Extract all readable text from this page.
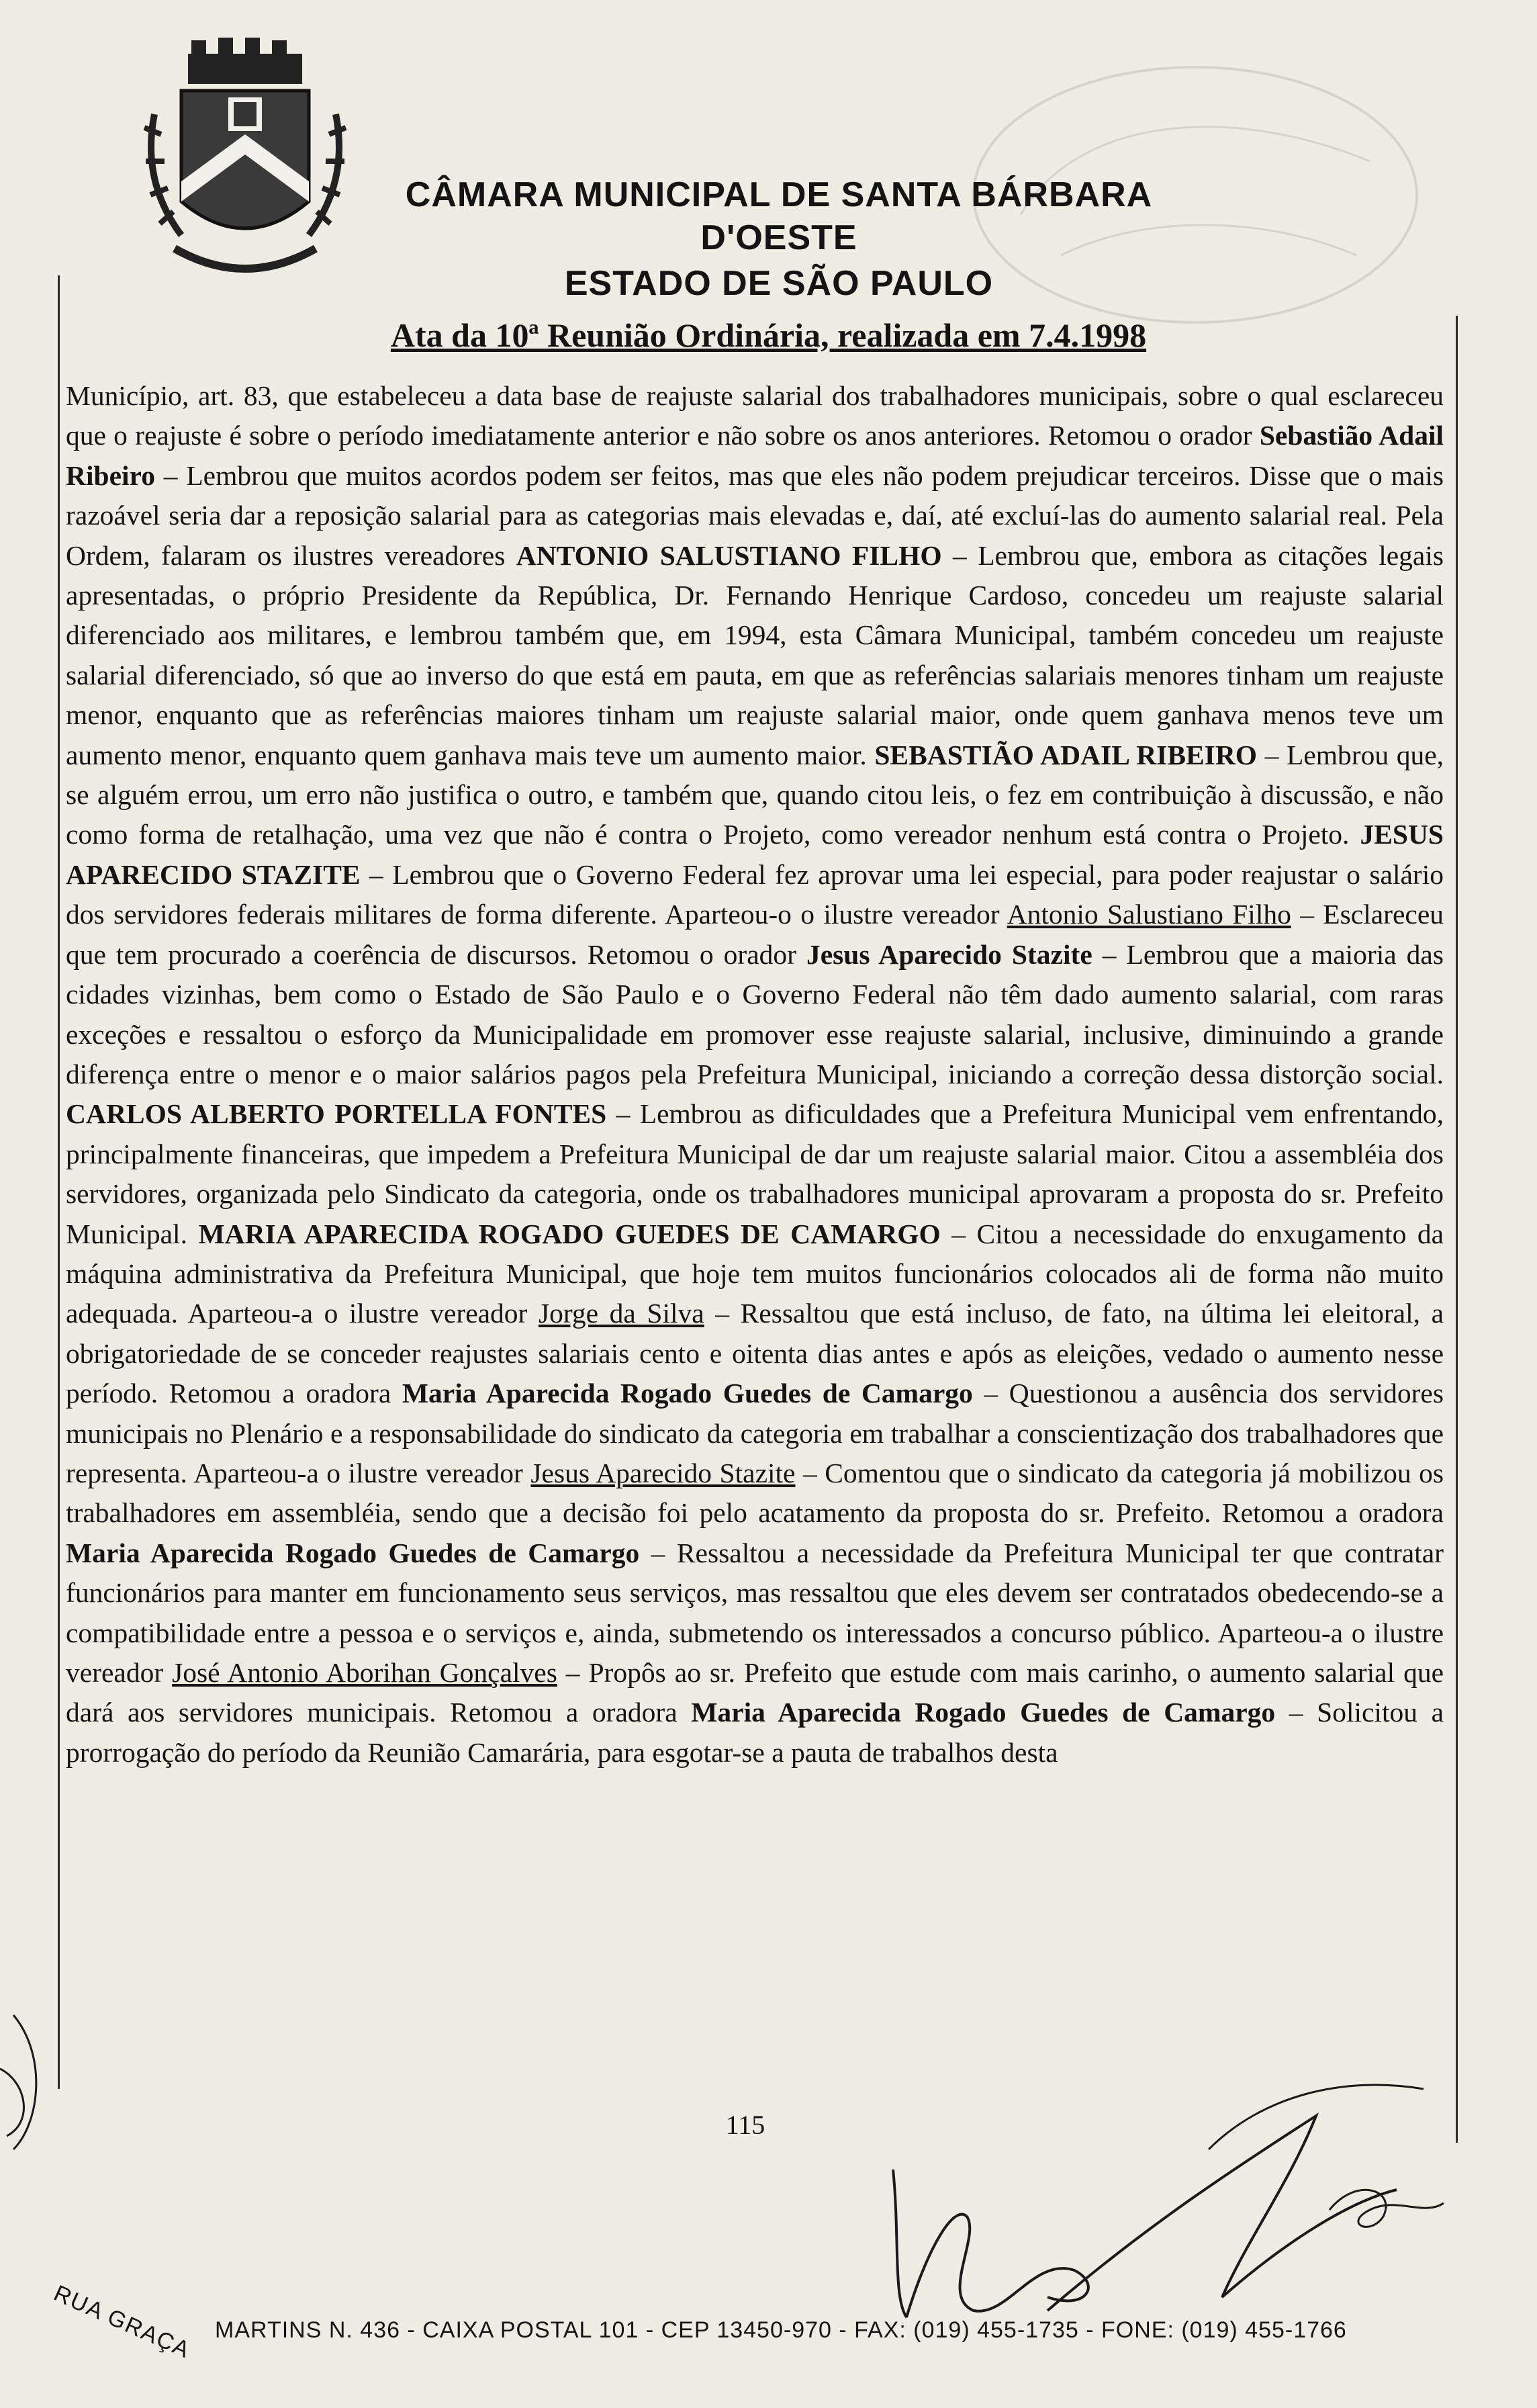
CÂMARA MUNICIPAL DE SANTA BÁRBARA D'OESTE
ESTADO DE SÃO PAULO
Ata da 10ª Reunião Ordinária, realizada em 7.4.1998

Município, art. 83, que estabeleceu a data base de reajuste salarial dos trabalhadores municipais, sobre o qual esclareceu que o reajuste é sobre o período imediatamente anterior e não sobre os anos anteriores. Retomou o orador Sebastião Adail Ribeiro – Lembrou que muitos acordos podem ser feitos, mas que eles não podem prejudicar terceiros. Disse que o mais razoável seria dar a reposição salarial para as categorias mais elevadas e, daí, até excluí-las do aumento salarial real. Pela Ordem, falaram os ilustres vereadores ANTONIO SALUSTIANO FILHO – Lembrou que, embora as citações legais apresentadas, o próprio Presidente da República, Dr. Fernando Henrique Cardoso, concedeu um reajuste salarial diferenciado aos militares, e lembrou também que, em 1994, esta Câmara Municipal, também concedeu um reajuste salarial diferenciado, só que ao inverso do que está em pauta, em que as referências salariais menores tinham um reajuste menor, enquanto que as referências maiores tinham um reajuste salarial maior, onde quem ganhava menos teve um aumento menor, enquanto quem ganhava mais teve um aumento maior. SEBASTIÃO ADAIL RIBEIRO – Lembrou que, se alguém errou, um erro não justifica o outro, e também que, quando citou leis, o fez em contribuição à discussão, e não como forma de retalhação, uma vez que não é contra o Projeto, como vereador nenhum está contra o Projeto. JESUS APARECIDO STAZITE – Lembrou que o Governo Federal fez aprovar uma lei especial, para poder reajustar o salário dos servidores federais militares de forma diferente. Aparteou-o o ilustre vereador Antonio Salustiano Filho – Esclareceu que tem procurado a coerência de discursos. Retomou o orador Jesus Aparecido Stazite – Lembrou que a maioria das cidades vizinhas, bem como o Estado de São Paulo e o Governo Federal não têm dado aumento salarial, com raras exceções e ressaltou o esforço da Municipalidade em promover esse reajuste salarial, inclusive, diminuindo a grande diferença entre o menor e o maior salários pagos pela Prefeitura Municipal, iniciando a correção dessa distorção social. CARLOS ALBERTO PORTELLA FONTES – Lembrou as dificuldades que a Prefeitura Municipal vem enfrentando, principalmente financeiras, que impedem a Prefeitura Municipal de dar um reajuste salarial maior. Citou a assembléia dos servidores, organizada pelo Sindicato da categoria, onde os trabalhadores municipal aprovaram a proposta do sr. Prefeito Municipal. MARIA APARECIDA ROGADO GUEDES DE CAMARGO – Citou a necessidade do enxugamento da máquina administrativa da Prefeitura Municipal, que hoje tem muitos funcionários colocados ali de forma não muito adequada. Aparteou-a o ilustre vereador Jorge da Silva – Ressaltou que está incluso, de fato, na última lei eleitoral, a obrigatoriedade de se conceder reajustes salariais cento e oitenta dias antes e após as eleições, vedado o aumento nesse período. Retomou a oradora Maria Aparecida Rogado Guedes de Camargo – Questionou a ausência dos servidores municipais no Plenário e a responsabilidade do sindicato da categoria em trabalhar a conscientização dos trabalhadores que representa. Aparteou-a o ilustre vereador Jesus Aparecido Stazite – Comentou que o sindicato da categoria já mobilizou os trabalhadores em assembléia, sendo que a decisão foi pelo acatamento da proposta do sr. Prefeito. Retomou a oradora Maria Aparecida Rogado Guedes de Camargo – Ressaltou a necessidade da Prefeitura Municipal ter que contratar funcionários para manter em funcionamento seus serviços, mas ressaltou que eles devem ser contratados obedecendo-se a compatibilidade entre a pessoa e o serviços e, ainda, submetendo os interessados a concurso público. Aparteou-a o ilustre vereador José Antonio Aborihan Gonçalves – Propôs ao sr. Prefeito que estude com mais carinho, o aumento salarial que dará aos servidores municipais. Retomou a oradora Maria Aparecida Rogado Guedes de Camargo – Solicitou a prorrogação do período da Reunião Camarária, para esgotar-se a pauta de trabalhos desta

115
RUA GRAÇA MARTINS N. 436 - CAIXA POSTAL 101 - CEP 13450-970 - FAX: (019) 455-1735 - FONE: (019) 455-1766
